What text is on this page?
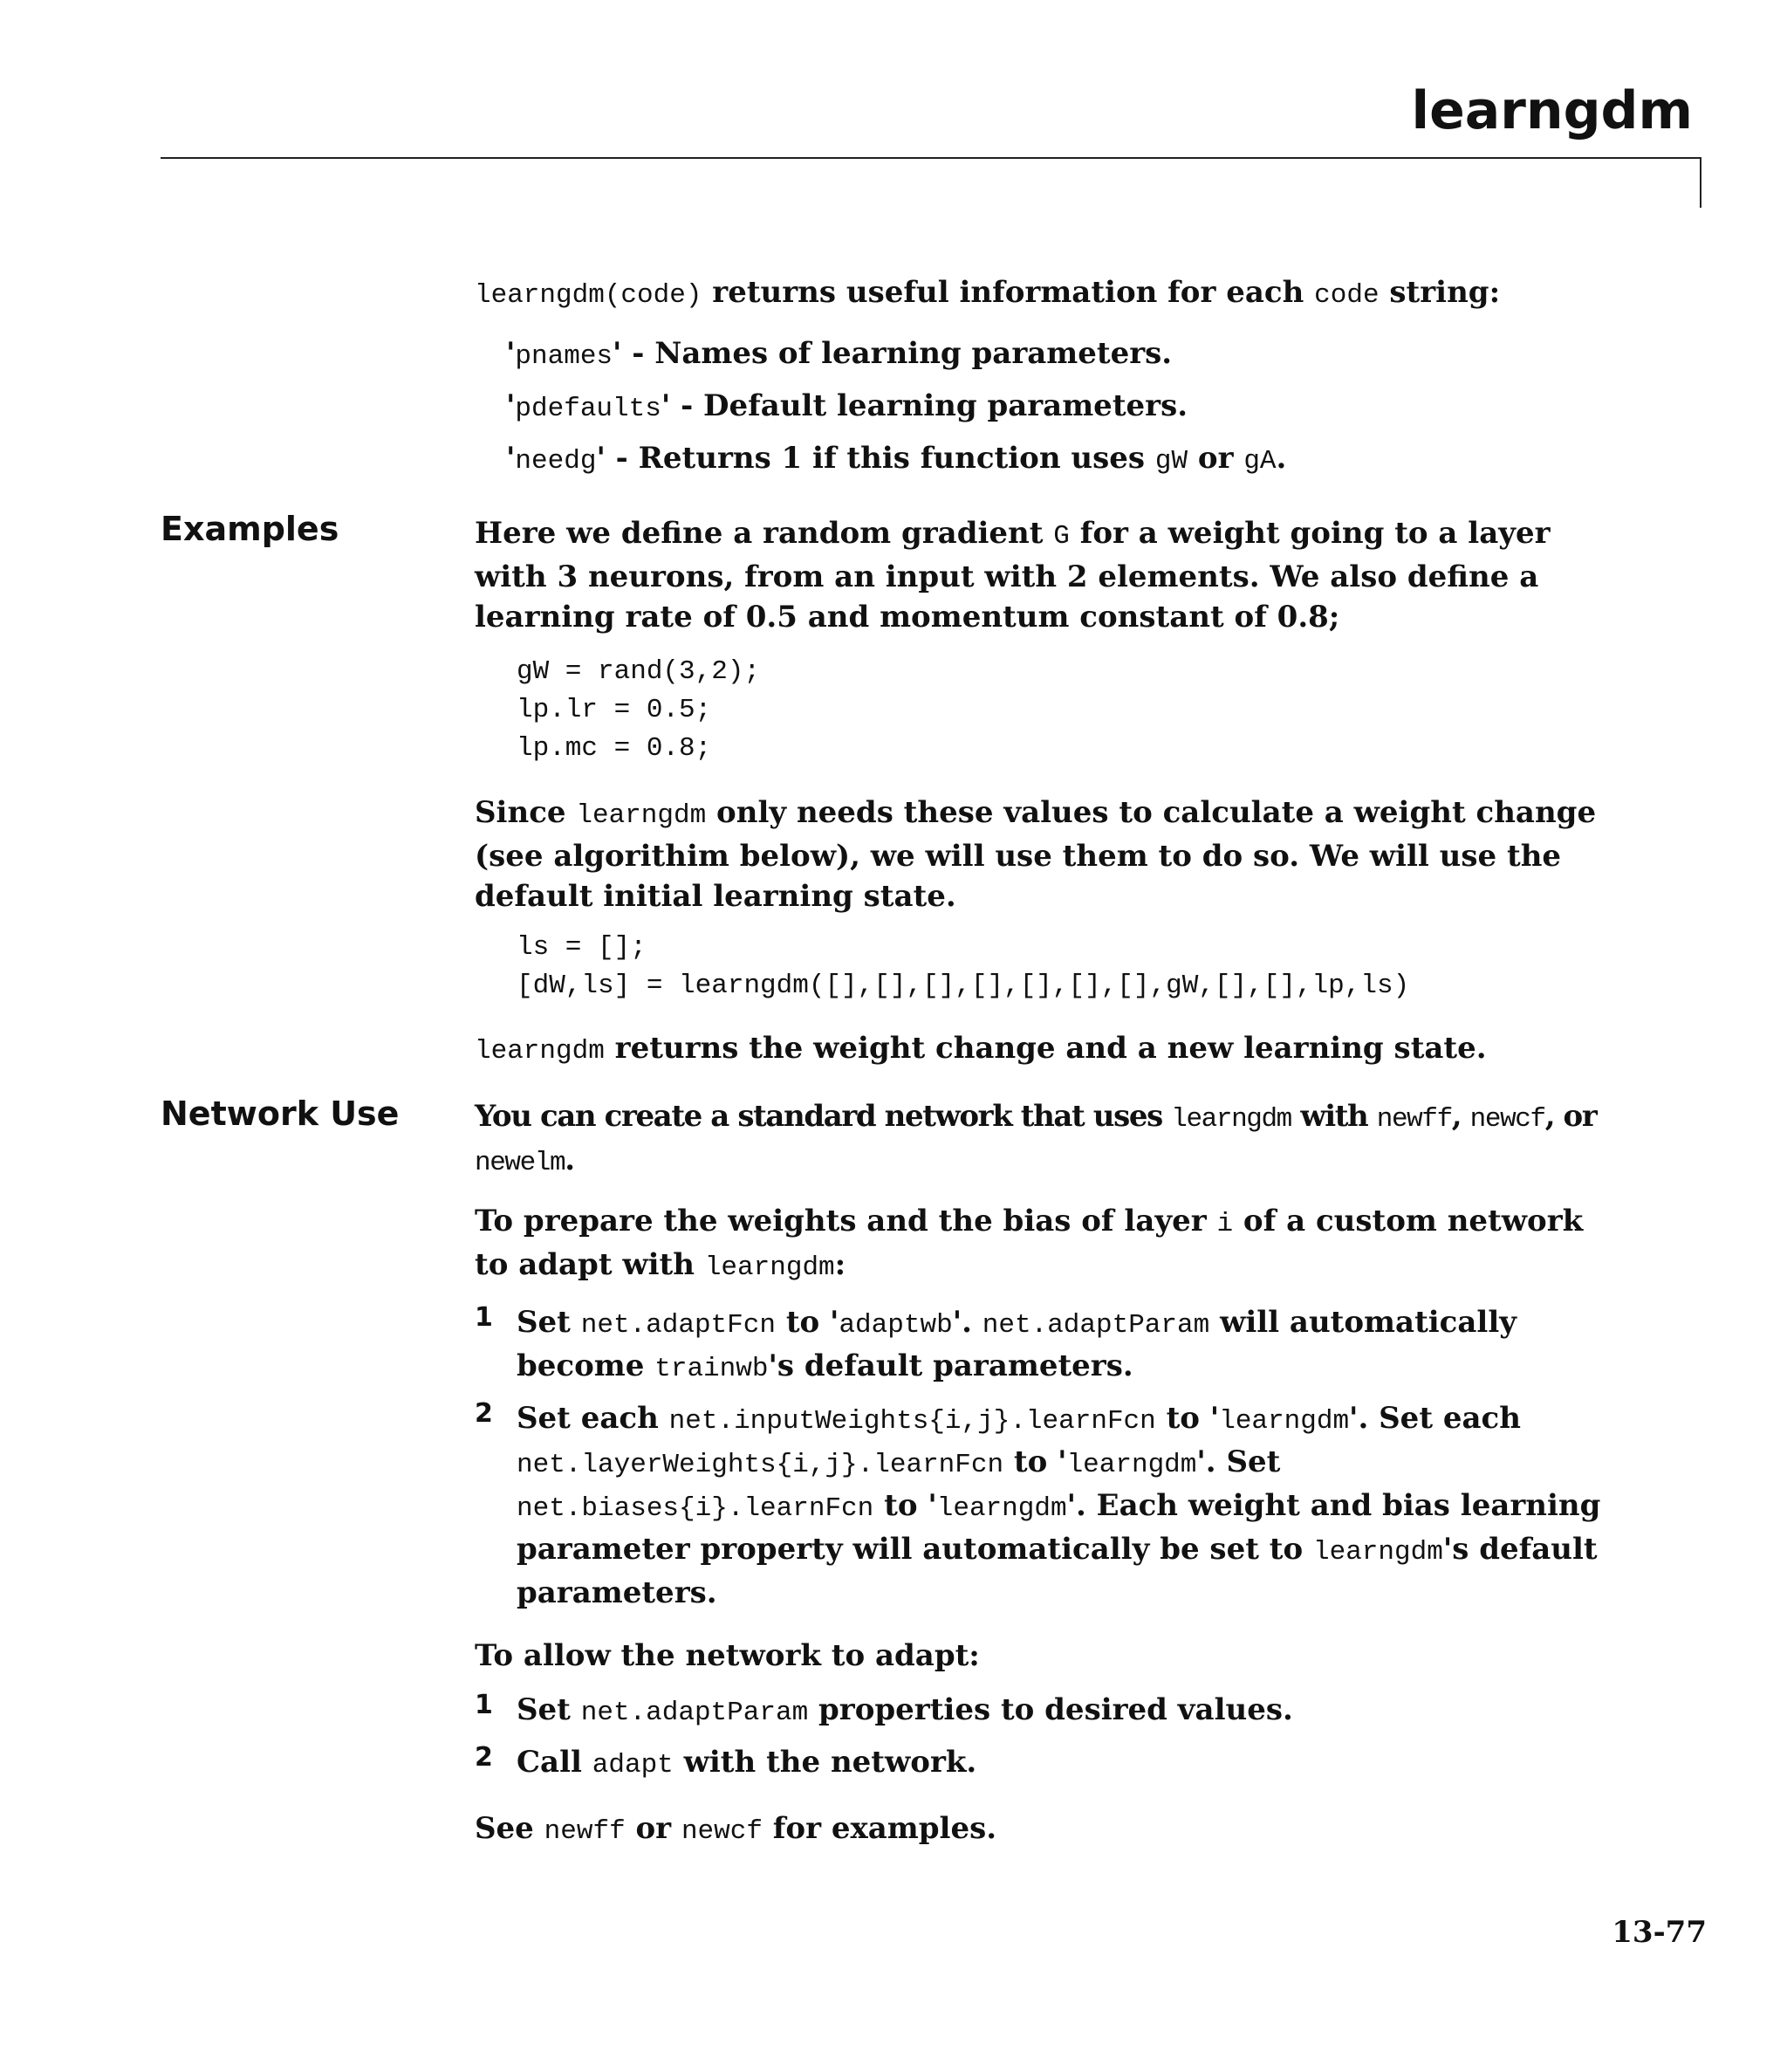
learngdm

learngdm(code) returns useful information for each code string:

'pnames' - Names of learning parameters.

'pdefaults' - Default learning parameters.

'needg' - Returns 1 if this function uses gW or gA.

Examples	Here we define a random gradient G for a weight going to a layer with 3 neurons, from an input with 2 elements. We also define a learning rate of 0.5 and momentum constant of 0.8;

gW = rand(3,2);
lp.lr = 0.5;
lp.mc = 0.8;

Since learngdm only needs these values to calculate a weight change (see algorithim below), we will use them to do so. We will use the default initial learning state.

ls = [];
[dW,ls] = learngdm([],[],[],[],[],[],[],gW,[],[],lp,ls)

learngdm returns the weight change and a new learning state.

Network Use	You can create a standard network that uses learngdm with newff, newcf, or newelm.

To prepare the weights and the bias of layer i of a custom network to adapt with learngdm:

1 Set net.adaptFcn to 'adaptwb'. net.adaptParam will automatically become trainwb's default parameters.

2 Set each net.inputWeights{i,j}.learnFcn to 'learngdm'. Set each net.layerWeights{i,j}.learnFcn to 'learngdm'. Set net.biases{i}.learnFcn to 'learngdm'. Each weight and bias learning parameter property will automatically be set to learngdm's default parameters.

To allow the network to adapt:

1 Set net.adaptParam properties to desired values.

2 Call adapt with the network.

See newff or newcf for examples.

13-77
